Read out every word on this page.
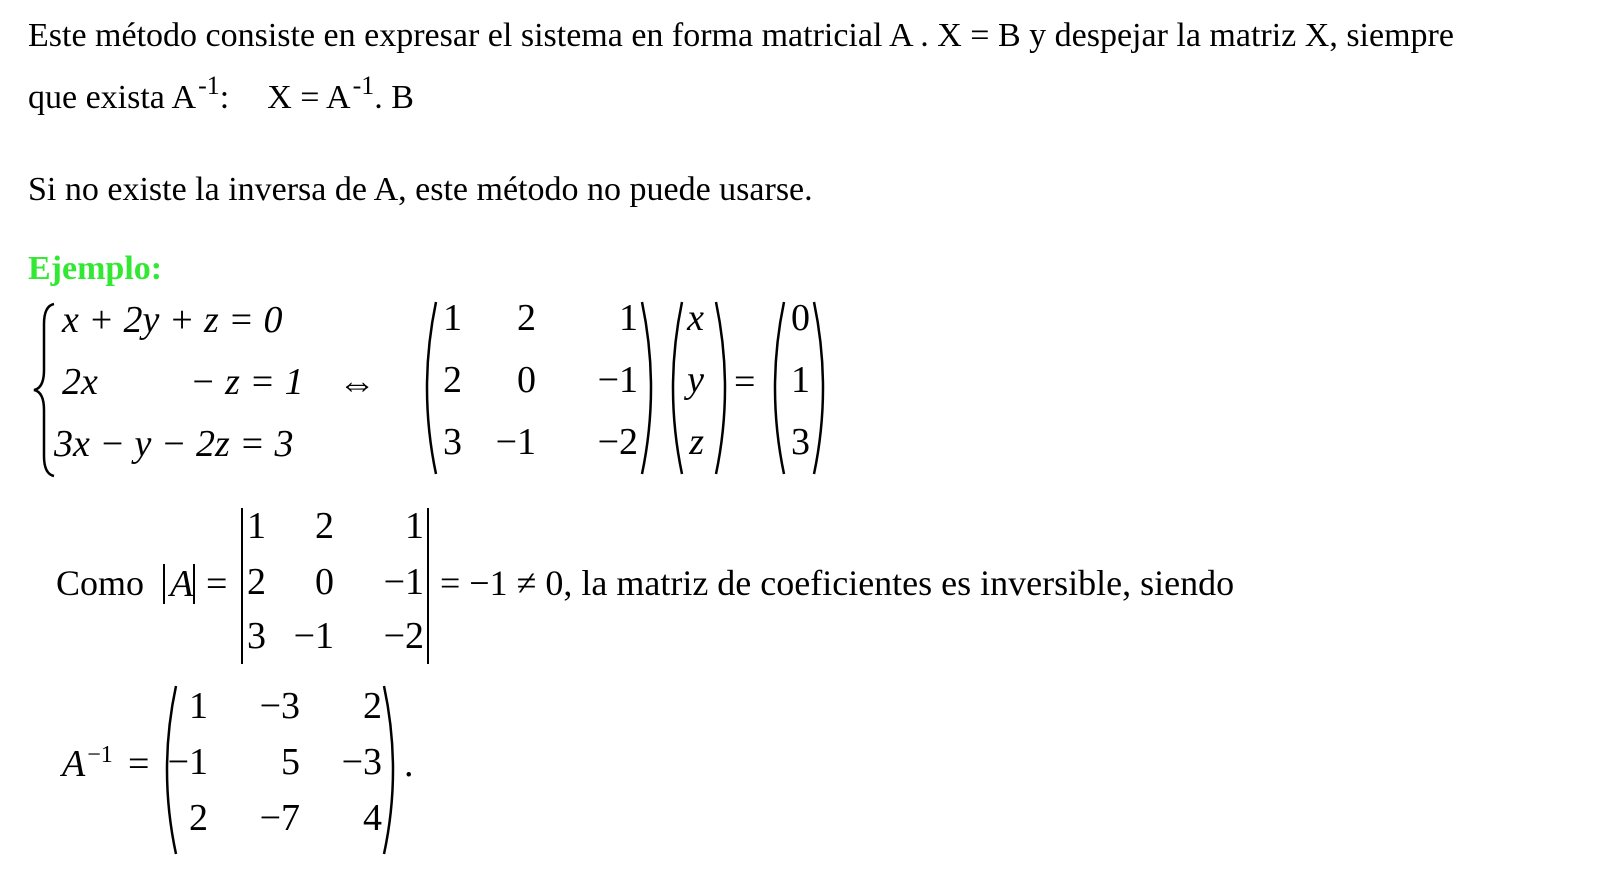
Este método consiste en expresar el sistema en forma matricial A . X = B y despejar la matriz X, siempre
que exista $A^{-1}$: $X = A^{-1}$. B
Si no existe la inversa de A, este método no puede usarse.
Ejemplo:
x + 2y + z = 0
2x − z = 1
3x − y − 2z = 3
⇔
1	2	1
2	0	−1
3 −1	−2
x
y
z
=
0
1
3
Como A =
1	2	1
2	0	−1
3 −1	−2
= −1 ≠ 0, la matriz de coeficientes es inversible, siendo
$A^{-1}$ =
1	−3	2
−1	5	−3
2	−7	4
.
